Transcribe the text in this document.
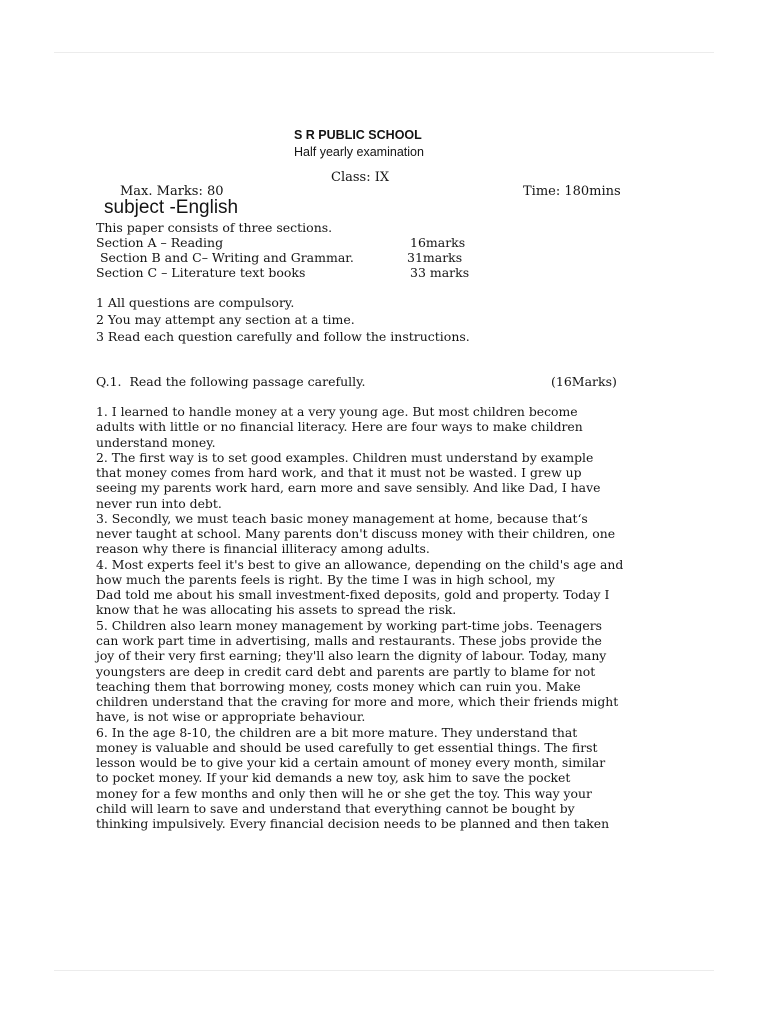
S R PUBLIC SCHOOL
Half yearly examination
Class: IX
Max. Marks: 80	Time: 180mins
subject -English
This paper consists of three sections.
Section A – Reading	16marks
Section B and C– Writing and Grammar.	31marks
Section C – Literature text books	33 marks
1 All questions are compulsory.
2 You may attempt any section at a time.
3 Read each question carefully and follow the instructions.
Q.1.  Read the following passage carefully.	(16Marks)
1. I learned to handle money at a very young age. But most children become
adults with little or no financial literacy. Here are four ways to make children
understand money.
2. The first way is to set good examples. Children must understand by example
that money comes from hard work, and that it must not be wasted. I grew up
seeing my parents work hard, earn more and save sensibly. And like Dad, I have
never run into debt.
3. Secondly, we must teach basic money management at home, because that‘s
never taught at school. Many parents don't discuss money with their children, one
reason why there is financial illiteracy among adults.
4. Most experts feel it's best to give an allowance, depending on the child's age and
how much the parents feels is right. By the time I was in high school, my
Dad told me about his small investment-fixed deposits, gold and property. Today I
know that he was allocating his assets to spread the risk.
5. Children also learn money management by working part-time jobs. Teenagers
can work part time in advertising, malls and restaurants. These jobs provide the
joy of their very first earning; they'll also learn the dignity of labour. Today, many
youngsters are deep in credit card debt and parents are partly to blame for not
teaching them that borrowing money, costs money which can ruin you. Make
children understand that the craving for more and more, which their friends might
have, is not wise or appropriate behaviour.
6. In the age 8-10, the children are a bit more mature. They understand that
money is valuable and should be used carefully to get essential things. The first
lesson would be to give your kid a certain amount of money every month, similar
to pocket money. If your kid demands a new toy, ask him to save the pocket
money for a few months and only then will he or she get the toy. This way your
child will learn to save and understand that everything cannot be bought by
thinking impulsively. Every financial decision needs to be planned and then taken
